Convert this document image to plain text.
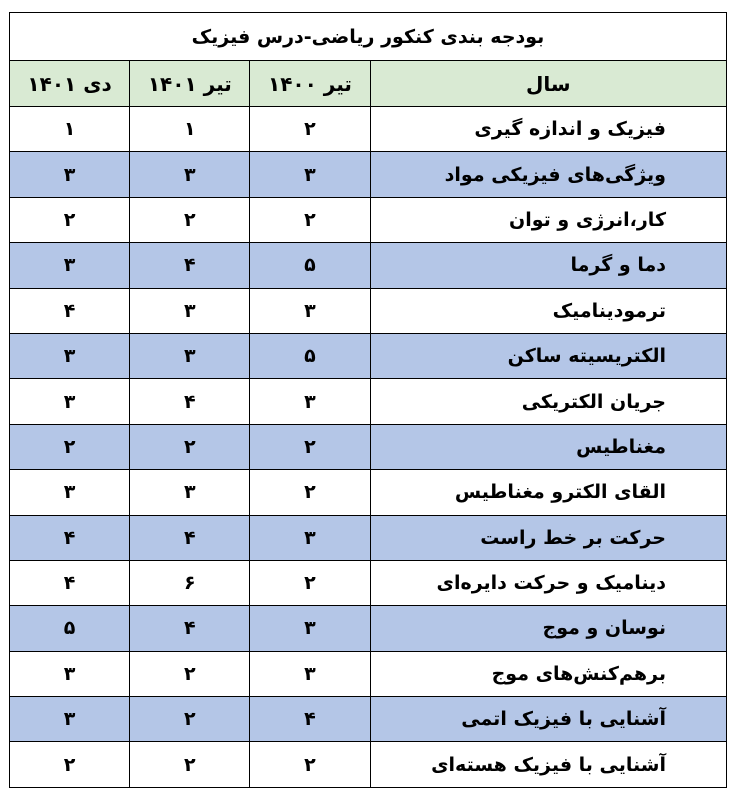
بودجه بندی کنکور ریاضی-درس فیزیک			
سال	تیر ۱۴۰۰	تیر ۱۴۰۱	دی ۱۴۰۱
فیزیک و اندازه گیری	۲	۱	۱
ویژگی‌های فیزیکی مواد	۳	۳	۳
کار،انرژی و توان	۲	۲	۲
دما و گرما	۵	۴	۳
ترمودینامیک	۳	۳	۴
الکتریسیته ساکن	۵	۳	۳
جریان الکتریکی	۳	۴	۳
مغناطیس	۲	۲	۲
القای الکترو مغناطیس	۲	۳	۳
حرکت بر خط راست	۳	۴	۴
دینامیک و حرکت دایره‌ای	۲	۶	۴
نوسان و موج	۳	۴	۵
برهم‌کنش‌های موج	۳	۲	۳
آشنایی با فیزیک اتمی	۴	۲	۳
آشنایی با فیزیک هسته‌ای	۲	۲	۲
